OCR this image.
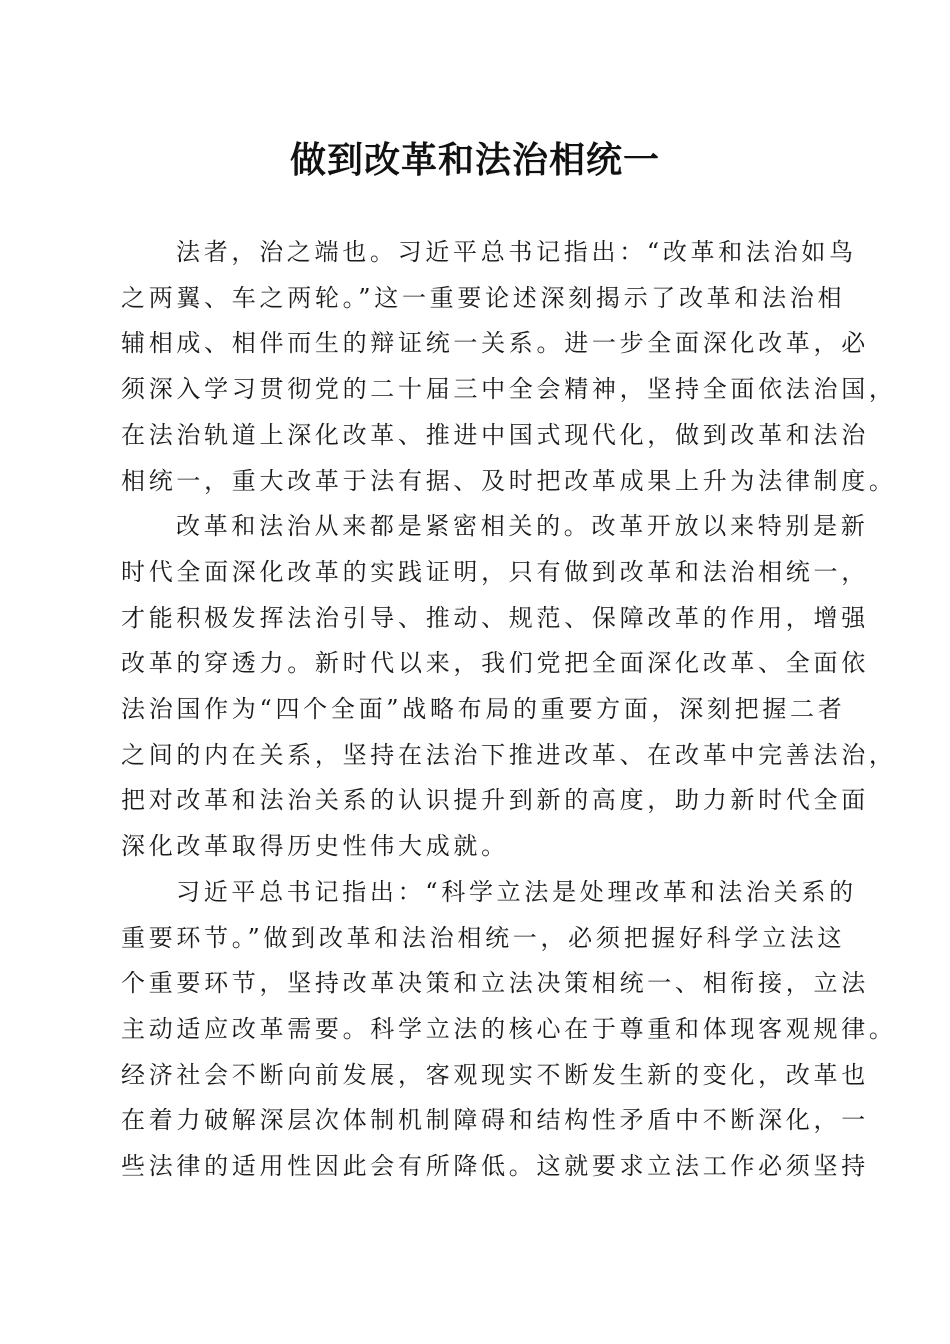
做到改革和法治相统一

法者，治之端也。习近平总书记指出：“改革和法治如鸟
之两翼、车之两轮。”这一重要论述深刻揭示了改革和法治相
辅相成、相伴而生的辩证统一关系。进一步全面深化改革，必
须深入学习贯彻党的二十届三中全会精神，坚持全面依法治国，
在法治轨道上深化改革、推进中国式现代化，做到改革和法治
相统一，重大改革于法有据、及时把改革成果上升为法律制度。

改革和法治从来都是紧密相关的。改革开放以来特别是新
时代全面深化改革的实践证明，只有做到改革和法治相统一，
才能积极发挥法治引导、推动、规范、保障改革的作用，增强
改革的穿透力。新时代以来，我们党把全面深化改革、全面依
法治国作为“四个全面”战略布局的重要方面，深刻把握二者
之间的内在关系，坚持在法治下推进改革、在改革中完善法治，
把对改革和法治关系的认识提升到新的高度，助力新时代全面
深化改革取得历史性伟大成就。

习近平总书记指出：“科学立法是处理改革和法治关系的
重要环节。”做到改革和法治相统一，必须把握好科学立法这
个重要环节，坚持改革决策和立法决策相统一、相衔接，立法
主动适应改革需要。科学立法的核心在于尊重和体现客观规律。
经济社会不断向前发展，客观现实不断发生新的变化，改革也
在着力破解深层次体制机制障碍和结构性矛盾中不断深化，一
些法律的适用性因此会有所降低。这就要求立法工作必须坚持
